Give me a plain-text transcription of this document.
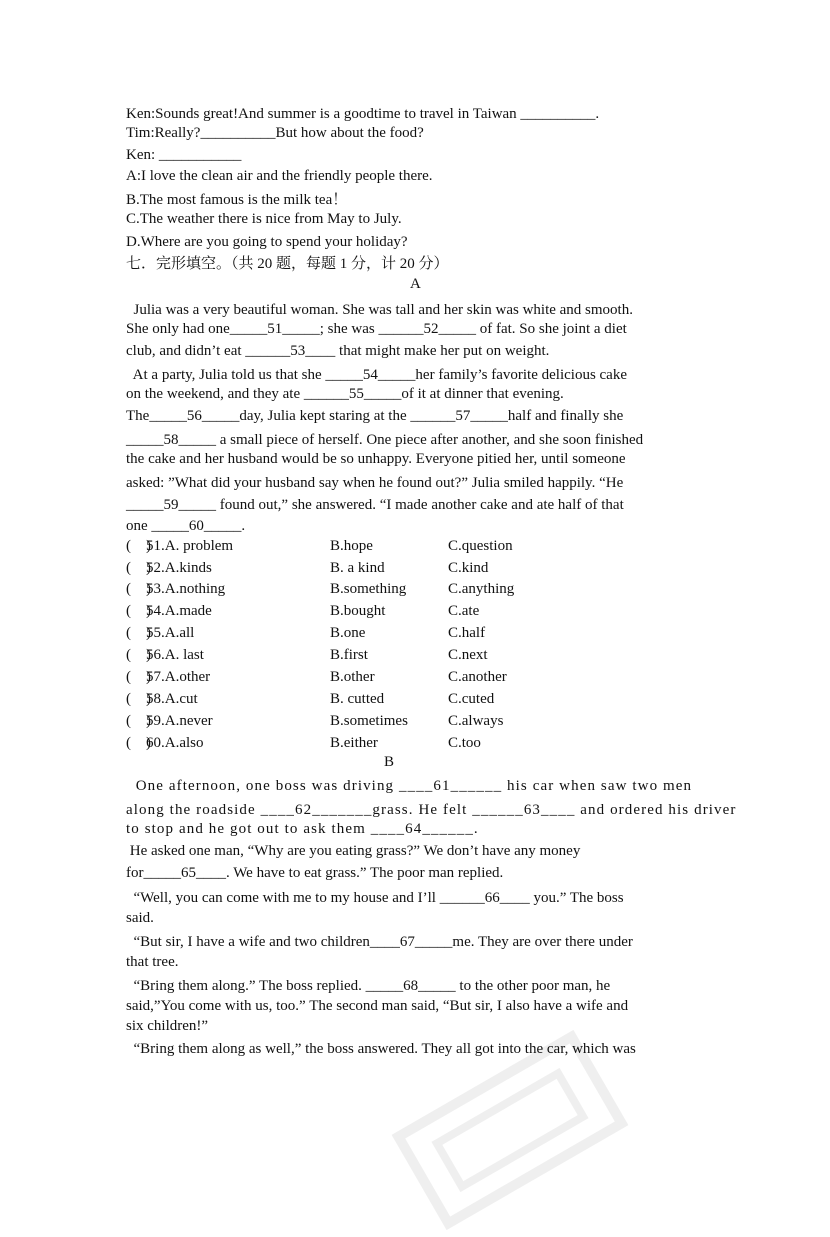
Ken:Sounds great!And summer is a goodtime to travel in Taiwan __________.
Tim:Really?__________But how about the food?
Ken: ___________
A:I love the clean air and the friendly people there.
B.The most famous is the milk tea！
C.The weather there is nice from May to July.
D.Where are you going to spend your holiday?
七．完形填空。（共 20 题，每题 1 分，计 20 分）
A
Julia was a very beautiful woman. She was tall and her skin was white and smooth.
She only had one_____51_____; she was ______52_____ of fat. So she joint a diet
club, and didn’t eat ______53____ that might make her put on weight.
At a party, Julia told us that she _____54_____her family’s favorite delicious cake
on the weekend, and they ate ______55_____of it at dinner that evening.
The_____56_____day, Julia kept staring at the ______57_____half and finally she
_____58_____ a small piece of herself. One piece after another, and she soon finished
the cake and her husband would be so unhappy. Everyone pitied her, until someone
asked: ”What did your husband say when he found out?” Julia smiled happily. “He
_____59_____ found out,” she answered. “I made another cake and ate half of that
one _____60_____.
(    )
51.A. problem	B.hope	C.question
(    )
52.A.kinds	B. a kind	C.kind
(    )
53.A.nothing	B.something	C.anything
(    )
54.A.made	B.bought	C.ate
(    )
55.A.all	B.one	C.half
(    )
56.A. last	B.first	C.next
(    )
57.A.other	B.other	C.another
(    )
58.A.cut	B. cutted	C.cuted
(    )
59.A.never	B.sometimes	C.always
(    )
60.A.also	B.either	C.too
B
One afternoon, one boss was driving ____61______ his car when saw two men
along the roadside ____62_______grass. He felt ______63____ and ordered his driver
to stop and he got out to ask them ____64______.
He asked one man, “Why are you eating grass?” We don’t have any money
for_____65____. We have to eat grass.” The poor man replied.
“Well, you can come with me to my house and I’ll ______66____ you.” The boss
said.
“But sir, I have a wife and two children____67_____me. They are over there under
that tree.
“Bring them along.” The boss replied. _____68_____ to the other poor man, he
said,”You come with us, too.” The second man said, “But sir, I also have a wife and
six children!”
“Bring them along as well,” the boss answered. They all got into the car, which was
